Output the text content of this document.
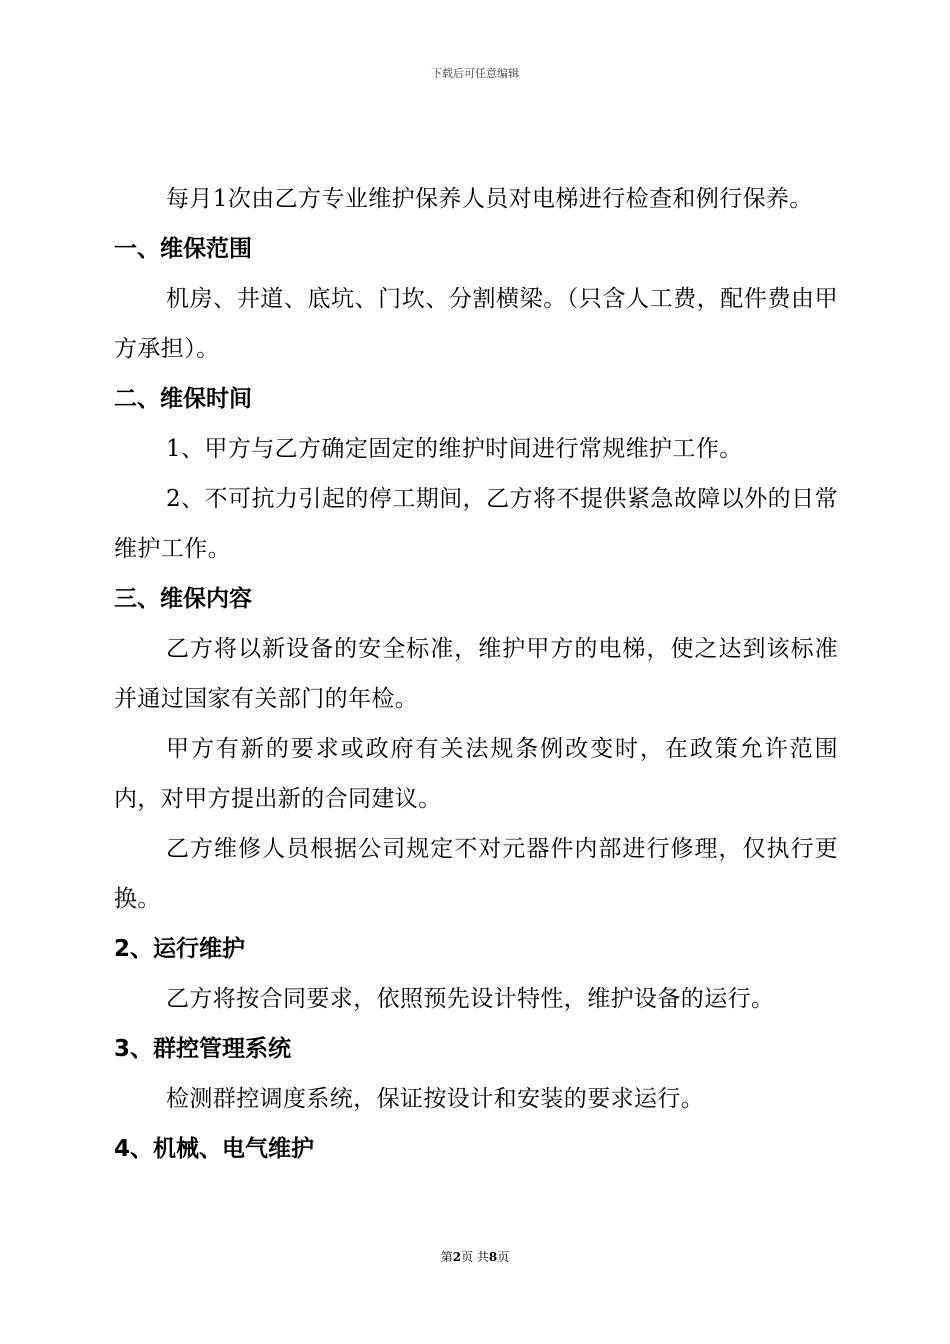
下载后可任意编辑

每月1次由乙方专业维护保养人员对电梯进行检查和例行保养。

一、维保范围

机房、井道、底坑、门坎、分割横梁。（只含人工费，配件费由甲方承担）。

二、维保时间

1、甲方与乙方确定固定的维护时间进行常规维护工作。

2、不可抗力引起的停工期间，乙方将不提供紧急故障以外的日常维护工作。

三、维保内容

乙方将以新设备的安全标准，维护甲方的电梯，使之达到该标准并通过国家有关部门的年检。

甲方有新的要求或政府有关法规条例改变时，在政策允许范围内，对甲方提出新的合同建议。

乙方维修人员根据公司规定不对元器件内部进行修理，仅执行更换。

2、运行维护

乙方将按合同要求，依照预先设计特性，维护设备的运行。

3、群控管理系统

检测群控调度系统，保证按设计和安装的要求运行。

4、机械、电气维护

第2页 共8页
